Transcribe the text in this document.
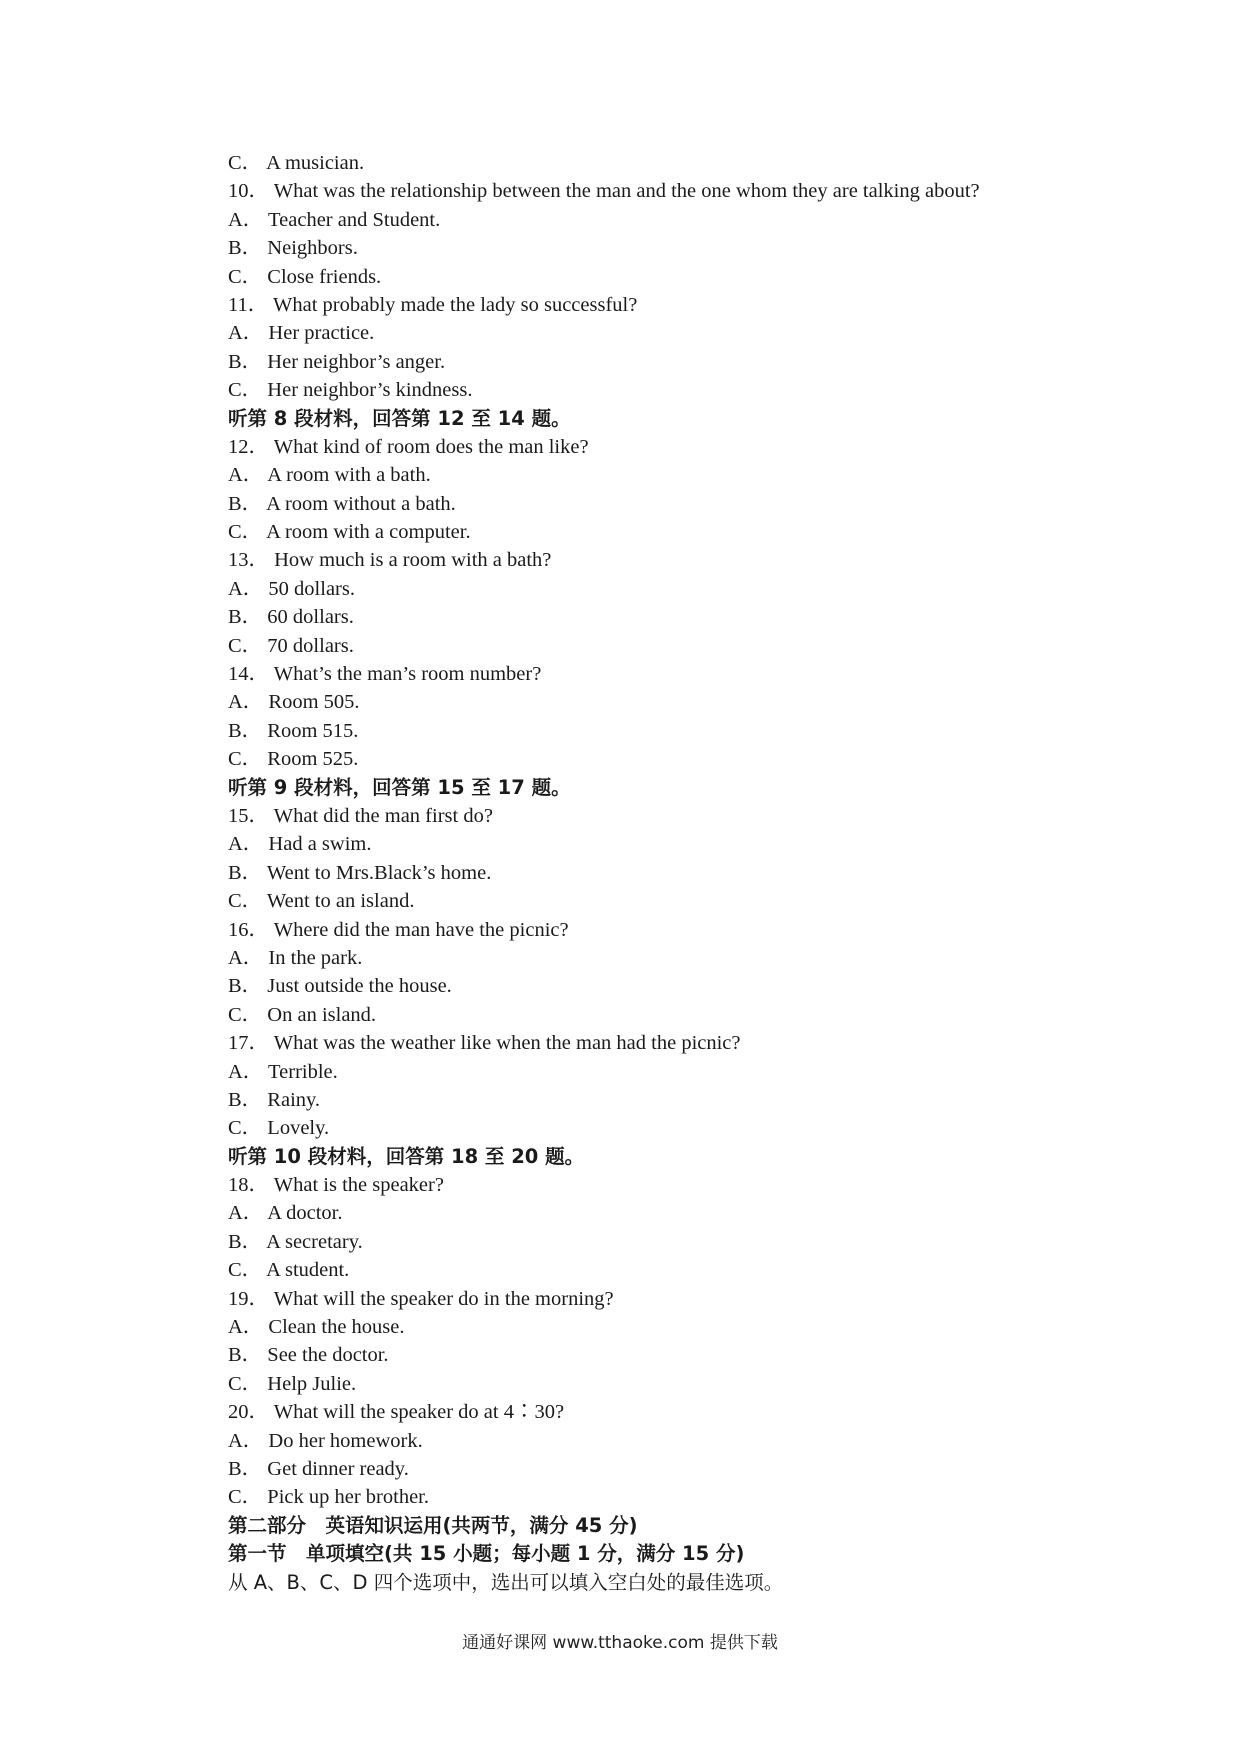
C． A musician.
10． What was the relationship between the man and the one whom they are talking about?
A． Teacher and Student.
B． Neighbors.
C． Close friends.
11． What probably made the lady so successful?
A． Her practice.
B． Her neighbor’s anger.
C． Her neighbor’s kindness.
听第 8 段材料，回答第 12 至 14 题。
12． What kind of room does the man like?
A． A room with a bath.
B． A room without a bath.
C． A room with a computer.
13． How much is a room with a bath?
A． 50 dollars.
B． 60 dollars.
C． 70 dollars.
14． What’s the man’s room number?
A． Room 505.
B． Room 515.
C． Room 525.
听第 9 段材料，回答第 15 至 17 题。
15． What did the man first do?
A． Had a swim.
B． Went to Mrs.Black’s home.
C． Went to an island.
16． Where did the man have the picnic?
A． In the park.
B． Just outside the house.
C． On an island.
17． What was the weather like when the man had the picnic?
A． Terrible.
B． Rainy.
C． Lovely.
听第 10 段材料，回答第 18 至 20 题。
18． What is the speaker?
A． A doctor.
B． A secretary.
C． A student.
19． What will the speaker do in the morning?
A． Clean the house.
B． See the doctor.
C． Help Julie.
20． What will the speaker do at 4∶30?
A． Do her homework.
B． Get dinner ready.
C． Pick up her brother.
第二部分　英语知识运用(共两节，满分 45 分)
第一节　单项填空(共 15 小题；每小题 1 分，满分 15 分)
从 A、B、C、D 四个选项中，选出可以填入空白处的最佳选项。
通通好课网 www.tthaoke.com 提供下载
